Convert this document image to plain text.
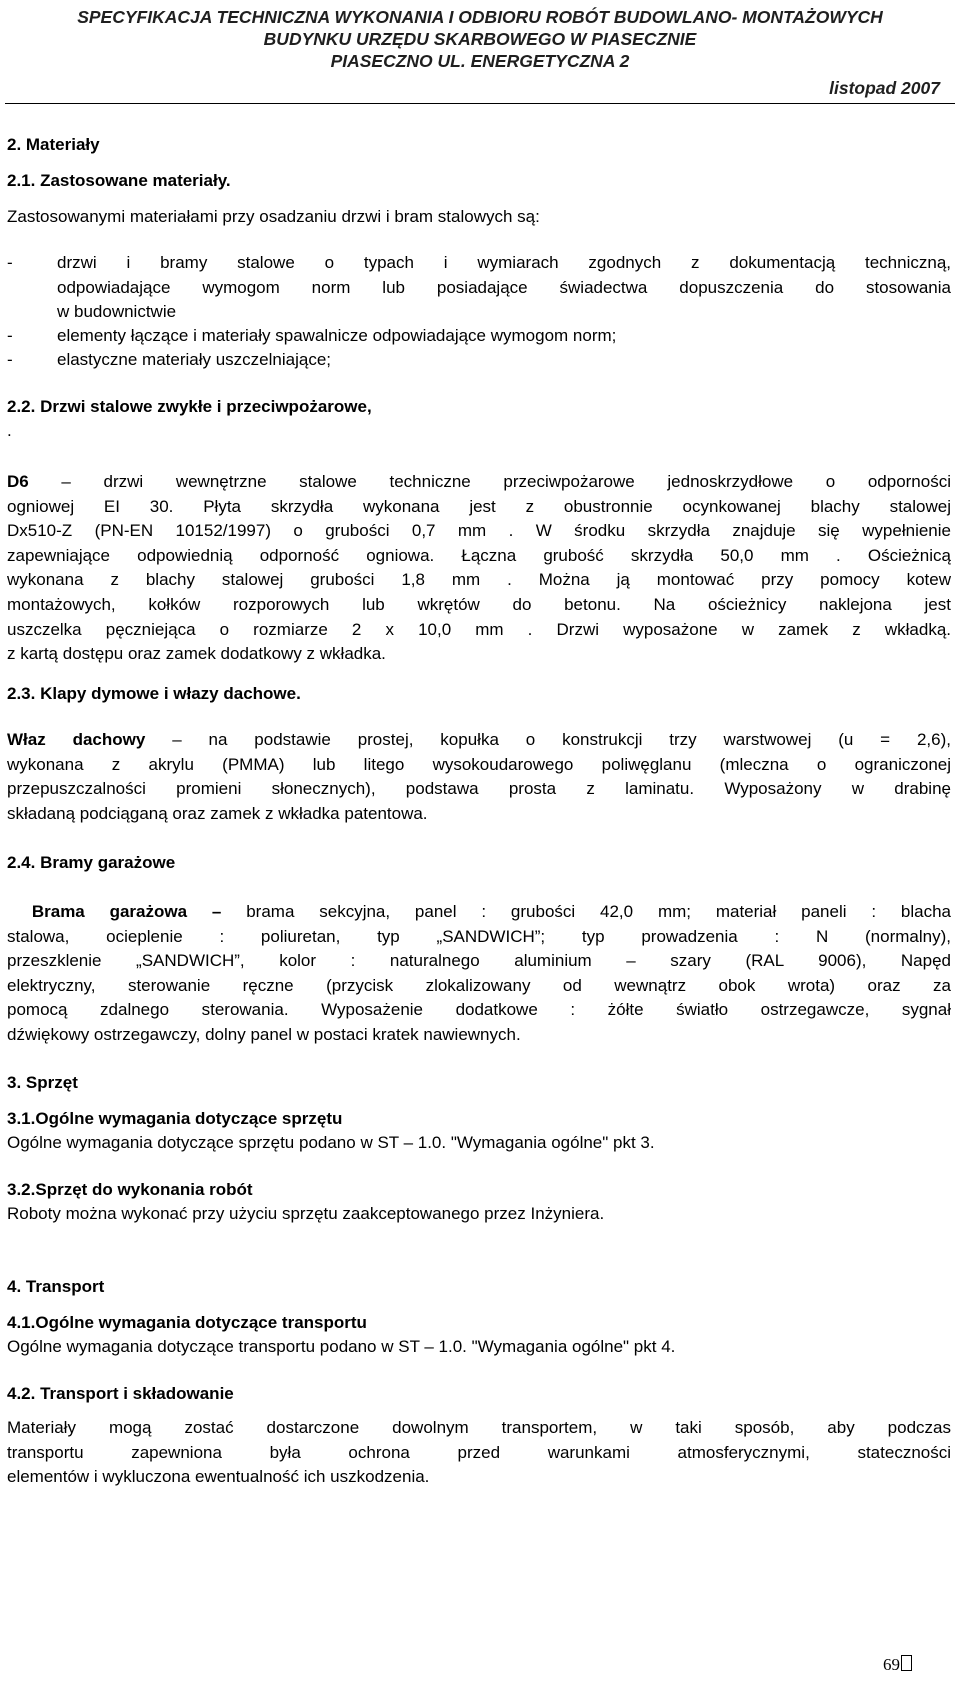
SPECYFIKACJA TECHNICZNA WYKONANIA I ODBIORU ROBÓT BUDOWLANO- MONTAŻOWYCH
BUDYNKU URZĘDU SKARBOWEGO W PIASECZNIE
PIASECZNO UL. ENERGETYCZNA 2
listopad 2007
2. Materiały
2.1. Zastosowane materiały.
Zastosowanymi materiałami przy osadzaniu drzwi i bram stalowych są:
-	drzwi i bramy stalowe o typach i wymiarach zgodnych z dokumentacją techniczną,
odpowiadające wymogom norm lub posiadające świadectwa dopuszczenia do stosowania
w budownictwie
-	elementy łączące i materiały spawalnicze odpowiadające wymogom norm;
-	elastyczne materiały uszczelniające;
2.2. Drzwi stalowe zwykłe i przeciwpożarowe,
.
D6 – drzwi wewnętrzne stalowe techniczne przeciwpożarowe jednoskrzydłowe o odporności
ogniowej EI 30. Płyta skrzydła wykonana jest z obustronnie ocynkowanej blachy stalowej
Dx510-Z (PN-EN 10152/1997) o grubości 0,7 mm . W środku skrzydła znajduje się wypełnienie
zapewniające odpowiednią odporność ogniowa. Łączna grubość skrzydła 50,0 mm . Ościeżnicą
wykonana z blachy stalowej grubości 1,8 mm . Można ją montować przy pomocy kotew
montażowych, kołków rozporowych lub wkrętów do betonu. Na ościeżnicy naklejona jest
uszczelka pęczniejąca o rozmiarze 2 x 10,0 mm . Drzwi wyposażone w zamek z wkładką.
z kartą dostępu oraz zamek dodatkowy z wkładka.
2.3. Klapy dymowe i włazy dachowe.
Właz dachowy – na podstawie prostej, kopułka o konstrukcji trzy warstwowej (u = 2,6),
wykonana z akrylu (PMMA) lub litego wysokoudarowego poliwęglanu (mleczna o ograniczonej
przepuszczalności promieni słonecznych), podstawa prosta z laminatu. Wyposażony w drabinę
składaną podciąganą oraz zamek z wkładka patentowa.
2.4. Bramy garażowe
Brama garażowa – brama sekcyjna, panel : grubości 42,0 mm; materiał paneli : blacha
stalowa, ocieplenie : poliuretan, typ „SANDWICH”; typ prowadzenia : N (normalny),
przeszklenie „SANDWICH”, kolor : naturalnego aluminium – szary (RAL 9006), Napęd
elektryczny, sterowanie ręczne (przycisk zlokalizowany od wewnątrz obok wrota) oraz za
pomocą zdalnego sterowania. Wyposażenie dodatkowe : żółte światło ostrzegawcze, sygnał
dźwiękowy ostrzegawczy, dolny panel w postaci kratek nawiewnych.
3. Sprzęt
3.1.Ogólne wymagania dotyczące sprzętu
Ogólne wymagania dotyczące sprzętu podano w ST – 1.0. "Wymagania ogólne" pkt 3.
3.2.Sprzęt do wykonania robót
Roboty można wykonać przy użyciu sprzętu zaakceptowanego przez Inżyniera.
4. Transport
4.1.Ogólne wymagania dotyczące transportu
Ogólne wymagania dotyczące transportu podano w ST – 1.0. "Wymagania ogólne" pkt 4.
4.2. Transport i składowanie
Materiały mogą zostać dostarczone dowolnym transportem, w taki sposób, aby podczas
transportu zapewniona była ochrona przed warunkami atmosferycznymi, stateczności
elementów i wykluczona ewentualność ich uszkodzenia.
69
